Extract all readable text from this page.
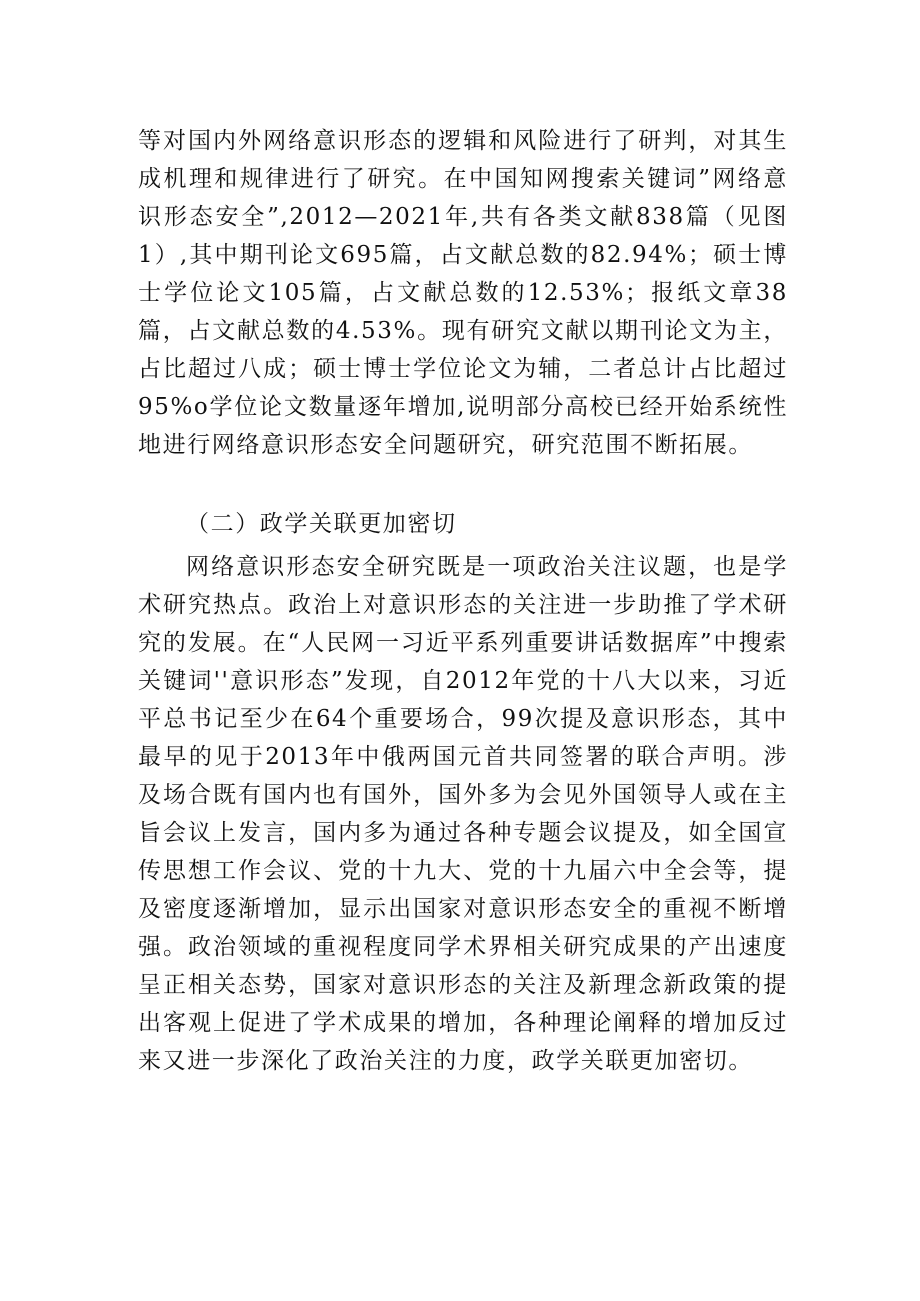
等对国内外网络意识形态的逻辑和风险进行了研判，对其生成机理和规律进行了研究。在中国知网搜索关键词”网络意识形态安全”,2012—2021年,共有各类文献838篇（见图1）,其中期刊论文695篇，占文献总数的82.94%；硕士博士学位论文105篇，占文献总数的12.53%；报纸文章38篇，占文献总数的4.53%。现有研究文献以期刊论文为主，占比超过八成；硕士博士学位论文为辅，二者总计占比超过95%o学位论文数量逐年增加,说明部分高校已经开始系统性地进行网络意识形态安全问题研究，研究范围不断拓展。

（二）政学关联更加密切

网络意识形态安全研究既是一项政治关注议题，也是学术研究热点。政治上对意识形态的关注进一步助推了学术研究的发展。在“人民网一习近平系列重要讲话数据库”中搜索关键词''意识形态”发现，自2012年党的十八大以来，习近平总书记至少在64个重要场合，99次提及意识形态，其中最早的见于2013年中俄两国元首共同签署的联合声明。涉及场合既有国内也有国外，国外多为会见外国领导人或在主旨会议上发言，国内多为通过各种专题会议提及，如全国宣传思想工作会议、党的十九大、党的十九届六中全会等，提及密度逐渐增加，显示出国家对意识形态安全的重视不断增强。政治领域的重视程度同学术界相关研究成果的产出速度呈正相关态势，国家对意识形态的关注及新理念新政策的提出客观上促进了学术成果的增加，各种理论阐释的增加反过来又进一步深化了政治关注的力度，政学关联更加密切。
